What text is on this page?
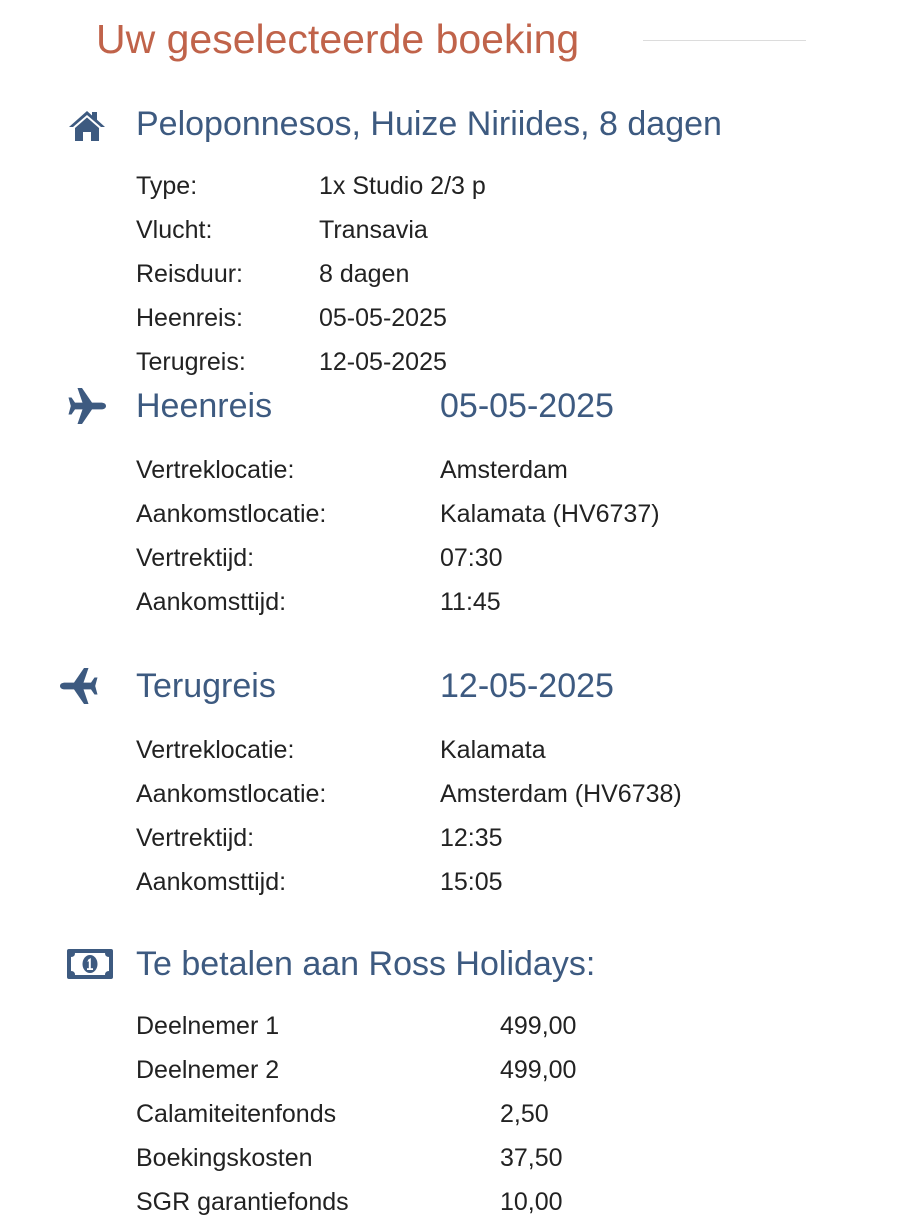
Uw geselecteerde boeking
Peloponnesos, Huize Niriides, 8 dagen
Type:	1x Studio 2/3 p
Vlucht:	Transavia
Reisduur:	8 dagen
Heenreis:	05-05-2025
Terugreis:	12-05-2025
Heenreis	05-05-2025
Vertreklocatie:	Amsterdam
Aankomstlocatie:	Kalamata (HV6737)
Vertrektijd:	07:30
Aankomsttijd:	11:45
Terugreis	12-05-2025
Vertreklocatie:	Kalamata
Aankomstlocatie:	Amsterdam (HV6738)
Vertrektijd:	12:35
Aankomsttijd:	15:05
Te betalen aan Ross Holidays:
Deelnemer 1	499,00
Deelnemer 2	499,00
Calamiteitenfonds	2,50
Boekingskosten	37,50
SGR garantiefonds	10,00
